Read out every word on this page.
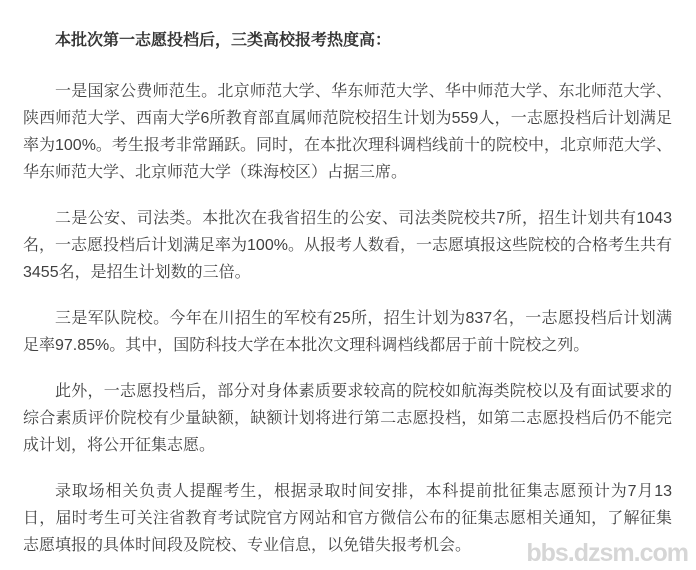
本批次第一志愿投档后，三类高校报考热度高：

一是国家公费师范生。北京师范大学、华东师范大学、华中师范大学、东北师范大学、陕西师范大学、西南大学6所教育部直属师范院校招生计划为559人，一志愿投档后计划满足率为100%。考生报考非常踊跃。同时，在本批次理科调档线前十的院校中，北京师范大学、华东师范大学、北京师范大学（珠海校区）占据三席。

二是公安、司法类。本批次在我省招生的公安、司法类院校共7所，招生计划共有1043名，一志愿投档后计划满足率为100%。从报考人数看，一志愿填报这些院校的合格考生共有3455名，是招生计划数的三倍。

三是军队院校。今年在川招生的军校有25所，招生计划为837名，一志愿投档后计划满足率97.85%。其中，国防科技大学在本批次文理科调档线都居于前十院校之列。

此外，一志愿投档后，部分对身体素质要求较高的院校如航海类院校以及有面试要求的综合素质评价院校有少量缺额，缺额计划将进行第二志愿投档，如第二志愿投档后仍不能完成计划，将公开征集志愿。

录取场相关负责人提醒考生，根据录取时间安排，本科提前批征集志愿预计为7月13日，届时考生可关注省教育考试院官方网站和官方微信公布的征集志愿相关通知，了解征集志愿填报的具体时间段及院校、专业信息，以免错失报考机会。	bbs.dzsm.com
